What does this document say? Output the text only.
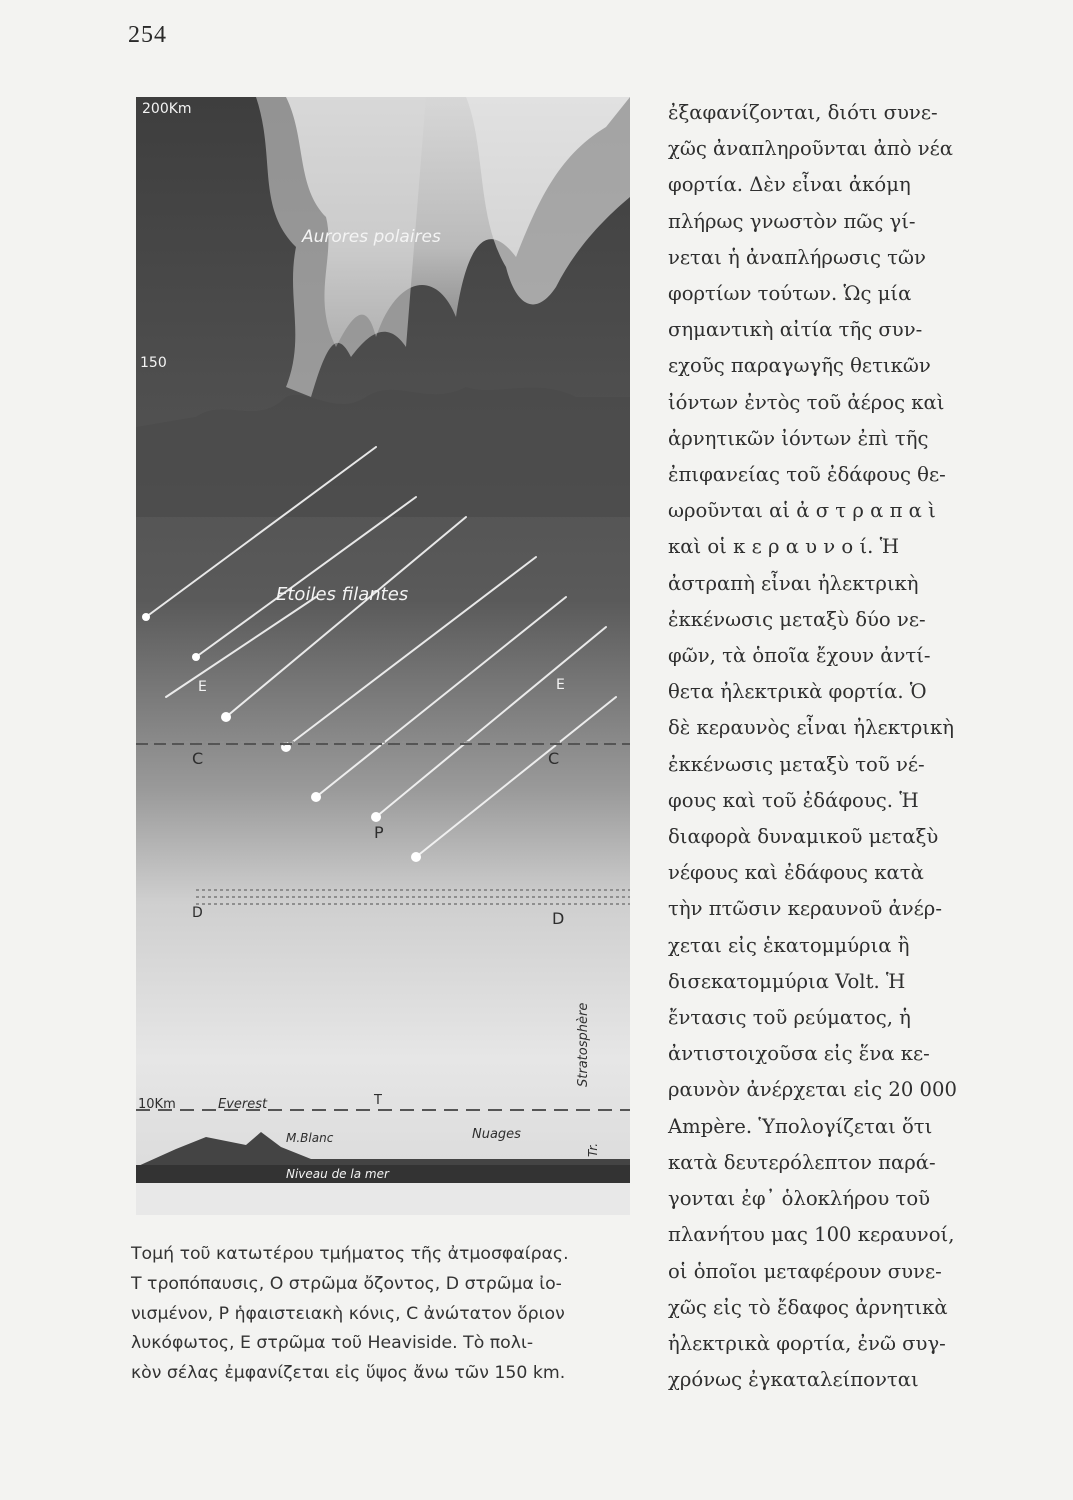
254
200Km
150
Aurores polaires
Etoiles filantes
E	E
C	C
P
D	D
Stratosphère
10Km	Everest	T
M.Blanc	Nuages
Tr.
Niveau de la mer
Τομή τοῦ κατωτέρου τμήματος τῆς ἀτμοσφαίρας.
T τροπόπαυσις, O στρῶμα ὄζοντος, D στρῶμα ἰο-
νισμένον, P ἡφαιστειακὴ κόνις, C ἀνώτατον ὅριον
λυκόφωτος, E στρῶμα τοῦ Heaviside. Τὸ πολι-
κὸν σέλας ἐμφανίζεται εἰς ὕψος ἄνω τῶν 150 km.
ἐξαφανίζονται, διότι συνε-
χῶς ἀναπληροῦνται ἀπὸ νέα
φορτία. Δὲν εἶναι ἀκόμη
πλήρως γνωστὸν πῶς γί-
νεται ἡ ἀναπλήρωσις τῶν
φορτίων τούτων. Ὡς μία
σημαντικὴ αἰτία τῆς συν-
εχοῦς παραγωγῆς θετικῶν
ἰόντων ἐντὸς τοῦ ἀέρος καὶ
ἀρνητικῶν ἰόντων ἐπὶ τῆς
ἐπιφανείας τοῦ ἐδάφους θε-
ωροῦνται αἱ ἀ σ τ ρ α π α ὶ
καὶ οἱ κ ε ρ α υ ν ο ί. Ἡ
ἀστραπὴ εἶναι ἠλεκτρικὴ
ἐκκένωσις μεταξὺ δύο νε-
φῶν, τὰ ὁποῖα ἔχουν ἀντί-
θετα ἠλεκτρικὰ φορτία. Ὁ
δὲ κεραυνὸς εἶναι ἠλεκτρικὴ
ἐκκένωσις μεταξὺ τοῦ νέ-
φους καὶ τοῦ ἐδάφους. Ἡ
διαφορὰ δυναμικοῦ μεταξὺ
νέφους καὶ ἐδάφους κατὰ
τὴν πτῶσιν κεραυνοῦ ἀνέρ-
χεται εἰς ἑκατομμύρια ἢ
δισεκατομμύρια Volt. Ἡ
ἔντασις τοῦ ρεύματος, ἡ
ἀντιστοιχοῦσα εἰς ἕνα κε-
ραυνὸν ἀνέρχεται εἰς 20 000
Ampère. Ὑπολογίζεται ὅτι
κατὰ δευτερόλεπτον παρά-
γονται ἐφ᾽ ὁλοκλήρου τοῦ
πλανήτου μας 100 κεραυνοί,
οἱ ὁποῖοι μεταφέρουν συνε-
χῶς εἰς τὸ ἔδαφος ἀρνητικὰ
ἠλεκτρικὰ φορτία, ἐνῶ συγ-
χρόνως ἐγκαταλείπονται
